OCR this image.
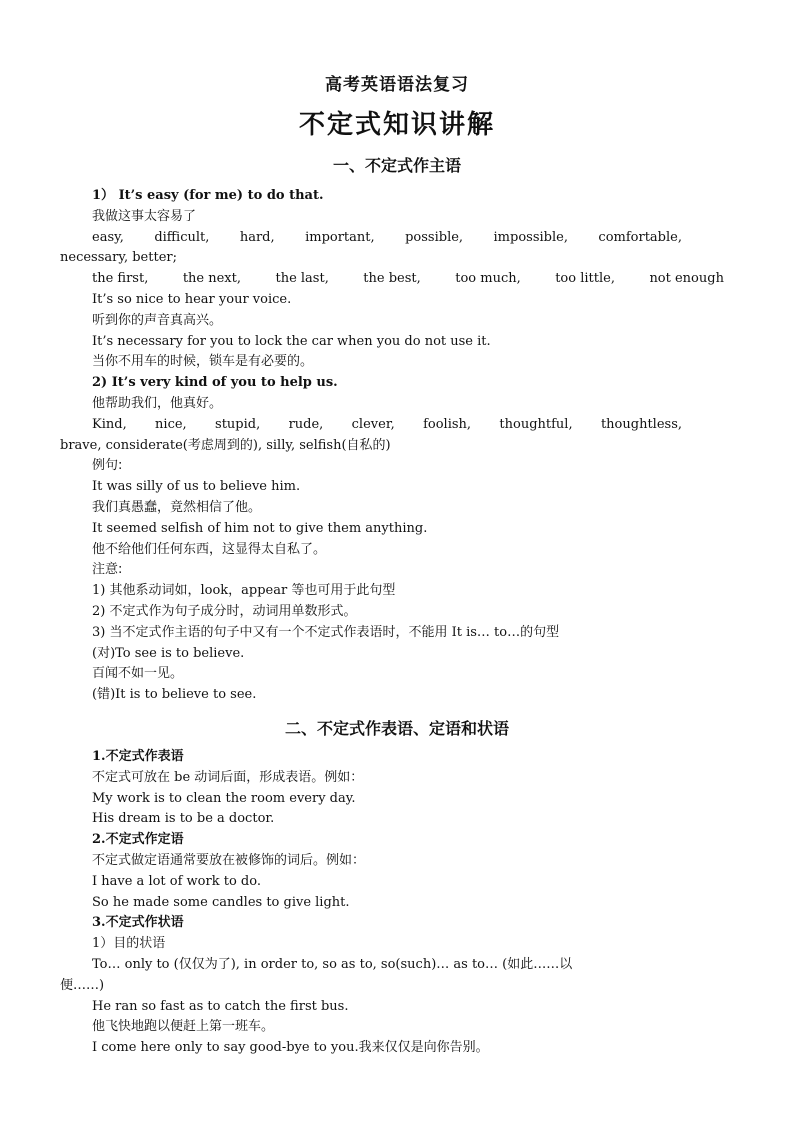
高考英语语法复习
不定式知识讲解
一、不定式作主语
1） It’s easy (for me) to do that.
我做这事太容易了
easy, difficult, hard, important, possible, impossible, comfortable,
necessary, better;
the first,	the next,	the last,	the best,	too much,	too little,	not enough
It’s so nice to hear your voice.
听到你的声音真高兴。
It’s necessary for you to lock the car when you do not use it.
当你不用车的时候，锁车是有必要的。
2) It’s very kind of you to help us.
他帮助我们，他真好。
Kind, nice, stupid, rude, clever, foolish, thoughtful, thoughtless,
brave, considerate(考虑周到的), silly, selfish(自私的)
例句:
It was silly of us to believe him.
我们真愚蠢，竟然相信了他。
It seemed selfish of him not to give them anything.
他不给他们任何东西，这显得太自私了。
注意:
1) 其他系动词如，look，appear 等也可用于此句型
2) 不定式作为句子成分时，动词用单数形式。
3) 当不定式作主语的句子中又有一个不定式作表语时，不能用 It is… to…的句型
(对)To see is to believe.
百闻不如一见。
(错)It is to believe to see.
二、不定式作表语、定语和状语
1.不定式作表语
不定式可放在 be 动词后面，形成表语。例如：
My work is to clean the room every day.
His dream is to be a doctor.
2.不定式作定语
不定式做定语通常要放在被修饰的词后。例如：
I have a lot of work to do.
So he made some candles to give light.
3.不定式作状语
1）目的状语
To… only to (仅仅为了), in order to, so as to, so(such)… as to… (如此……以
便……)
He ran so fast as to catch the first bus.
他飞快地跑以便赶上第一班车。
I come here only to say good-bye to you.我来仅仅是向你告别。
